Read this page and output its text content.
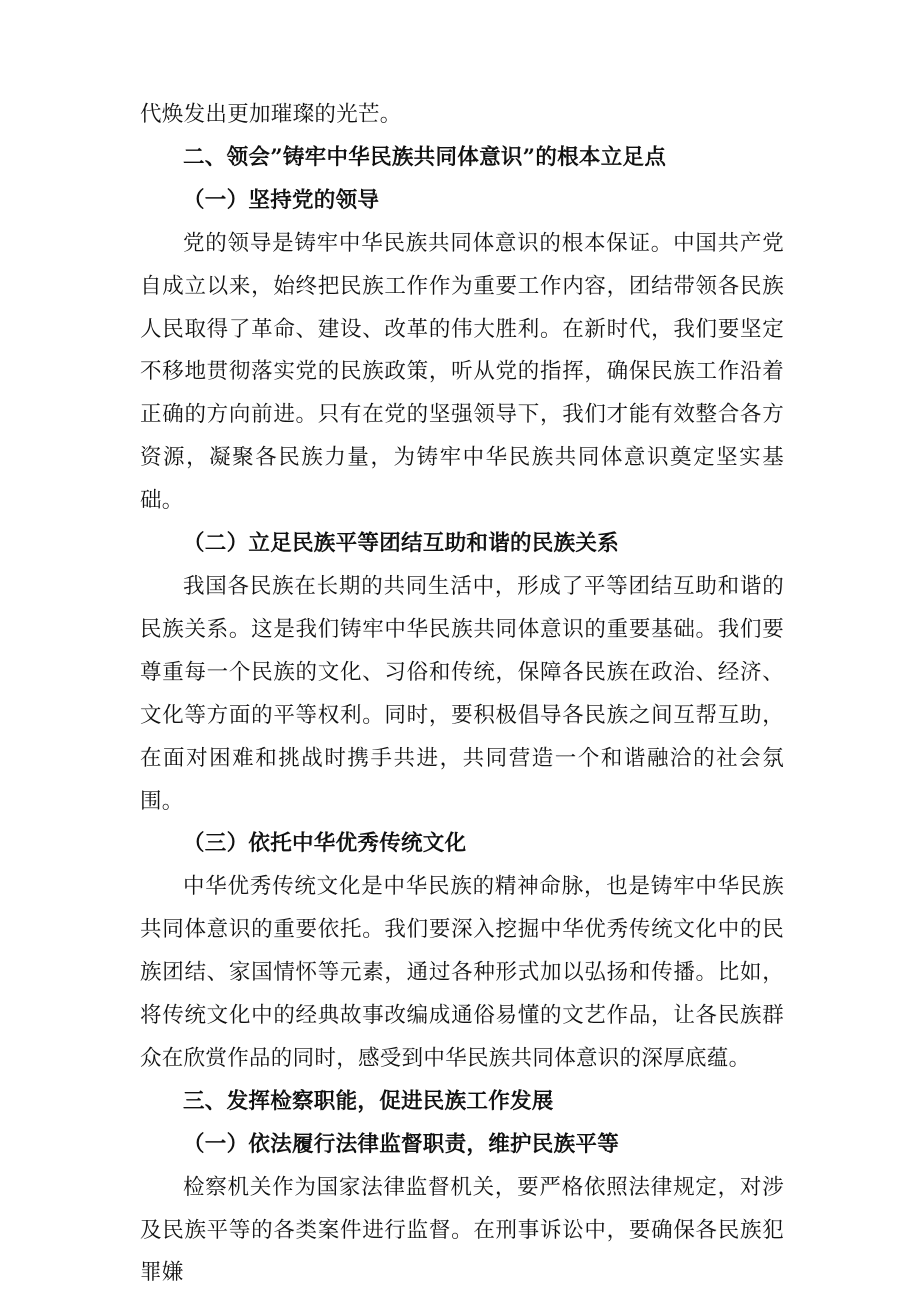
代焕发出更加璀璨的光芒。

二、领会”铸牢中华民族共同体意识”的根本立足点

（一）坚持党的领导

党的领导是铸牢中华民族共同体意识的根本保证。中国共产党自成立以来，始终把民族工作作为重要工作内容，团结带领各民族人民取得了革命、建设、改革的伟大胜利。在新时代，我们要坚定不移地贯彻落实党的民族政策，听从党的指挥，确保民族工作沿着正确的方向前进。只有在党的坚强领导下，我们才能有效整合各方资源，凝聚各民族力量，为铸牢中华民族共同体意识奠定坚实基础。

（二）立足民族平等团结互助和谐的民族关系

我国各民族在长期的共同生活中，形成了平等团结互助和谐的民族关系。这是我们铸牢中华民族共同体意识的重要基础。我们要尊重每一个民族的文化、习俗和传统，保障各民族在政治、经济、文化等方面的平等权利。同时，要积极倡导各民族之间互帮互助，在面对困难和挑战时携手共进，共同营造一个和谐融洽的社会氛围。

（三）依托中华优秀传统文化

中华优秀传统文化是中华民族的精神命脉，也是铸牢中华民族共同体意识的重要依托。我们要深入挖掘中华优秀传统文化中的民族团结、家国情怀等元素，通过各种形式加以弘扬和传播。比如，将传统文化中的经典故事改编成通俗易懂的文艺作品，让各民族群众在欣赏作品的同时，感受到中华民族共同体意识的深厚底蕴。

三、发挥检察职能，促进民族工作发展

（一）依法履行法律监督职责，维护民族平等

检察机关作为国家法律监督机关，要严格依照法律规定，对涉及民族平等的各类案件进行监督。在刑事诉讼中，要确保各民族犯罪嫌
